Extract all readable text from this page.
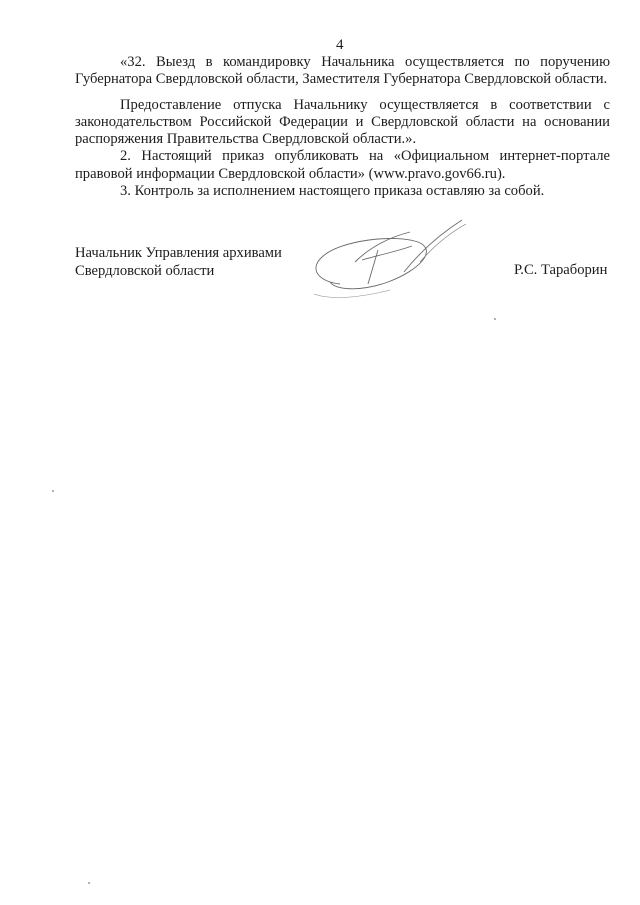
4

«32. Выезд в командировку Начальника осуществляется по поручению Губернатора Свердловской области, Заместителя Губернатора Свердловской области.

Предоставление отпуска Начальнику осуществляется в соответствии с законодательством Российской Федерации и Свердловской области на основании распоряжения Правительства Свердловской области.».

2. Настоящий приказ опубликовать на «Официальном интернет-портале правовой информации Свердловской области» (www.pravo.gov66.ru).

3. Контроль за исполнением настоящего приказа оставляю за собой.

Начальник Управления архивами
Свердловской области	Р.С. Тараборин
